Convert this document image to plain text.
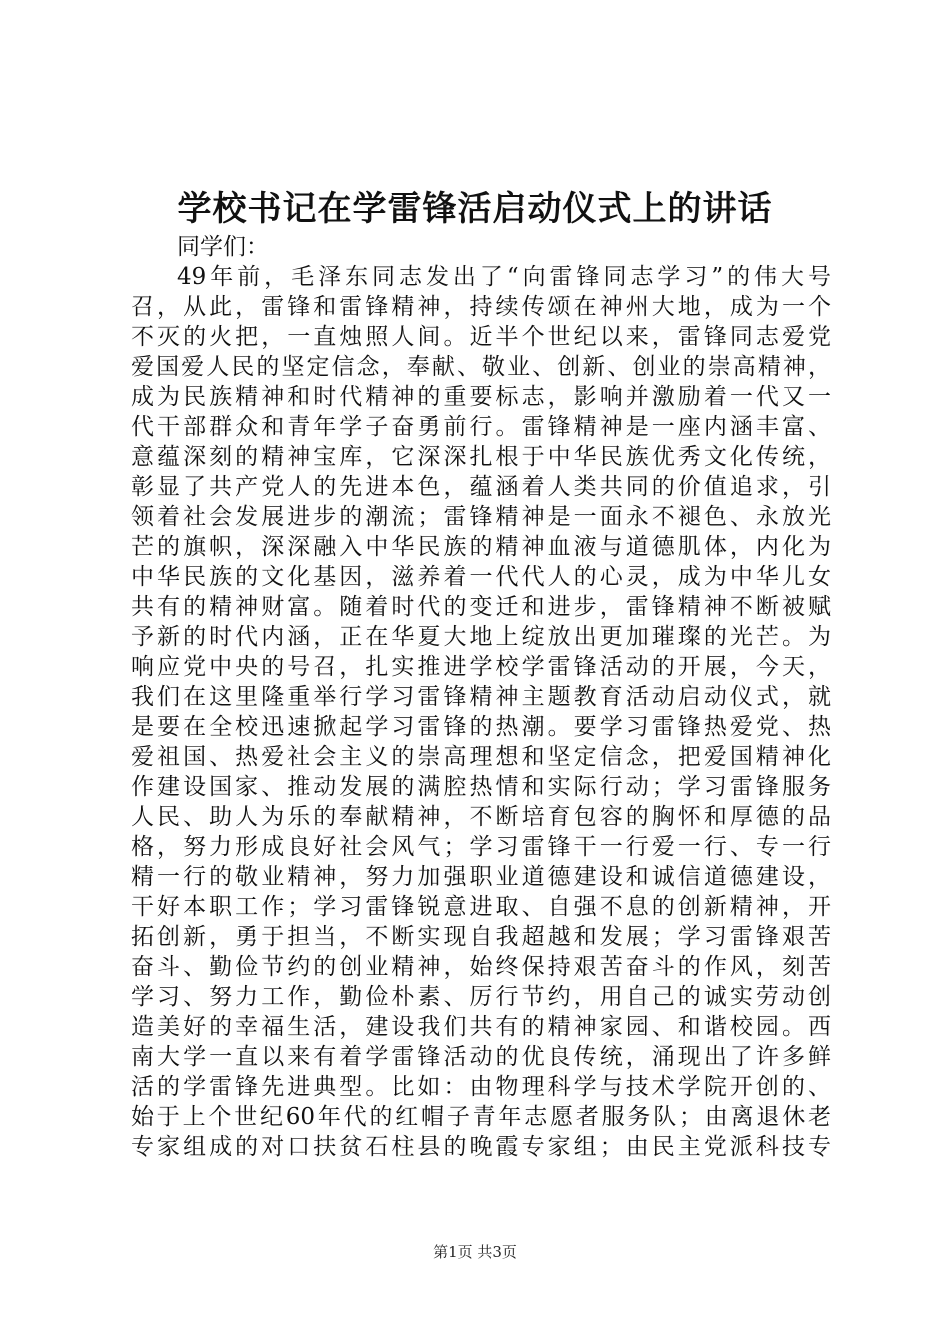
学校书记在学雷锋活启动仪式上的讲话

同学们：

49年前，毛泽东同志发出了“向雷锋同志学习”的伟大号

召，从此，雷锋和雷锋精神，持续传颂在神州大地，成为一个

不灭的火把，一直烛照人间。近半个世纪以来，雷锋同志爱党

爱国爱人民的坚定信念，奉献、敬业、创新、创业的崇高精神，

成为民族精神和时代精神的重要标志，影响并激励着一代又一

代干部群众和青年学子奋勇前行。雷锋精神是一座内涵丰富、

意蕴深刻的精神宝库，它深深扎根于中华民族优秀文化传统，

彰显了共产党人的先进本色，蕴涵着人类共同的价值追求，引

领着社会发展进步的潮流；雷锋精神是一面永不褪色、永放光

芒的旗帜，深深融入中华民族的精神血液与道德肌体，内化为

中华民族的文化基因，滋养着一代代人的心灵，成为中华儿女

共有的精神财富。随着时代的变迁和进步，雷锋精神不断被赋

予新的时代内涵，正在华夏大地上绽放出更加璀璨的光芒。为

响应党中央的号召，扎实推进学校学雷锋活动的开展，今天，

我们在这里隆重举行学习雷锋精神主题教育活动启动仪式，就

是要在全校迅速掀起学习雷锋的热潮。要学习雷锋热爱党、热

爱祖国、热爱社会主义的崇高理想和坚定信念，把爱国精神化

作建设国家、推动发展的满腔热情和实际行动；学习雷锋服务

人民、助人为乐的奉献精神，不断培育包容的胸怀和厚德的品

格，努力形成良好社会风气；学习雷锋干一行爱一行、专一行

精一行的敬业精神，努力加强职业道德建设和诚信道德建设，

干好本职工作；学习雷锋锐意进取、自强不息的创新精神，开

拓创新，勇于担当，不断实现自我超越和发展；学习雷锋艰苦

奋斗、勤俭节约的创业精神，始终保持艰苦奋斗的作风，刻苦

学习、努力工作，勤俭朴素、厉行节约，用自己的诚实劳动创

造美好的幸福生活，建设我们共有的精神家园、和谐校园。西

南大学一直以来有着学雷锋活动的优良传统，涌现出了许多鲜

活的学雷锋先进典型。比如：由物理科学与技术学院开创的、

始于上个世纪60年代的红帽子青年志愿者服务队；由离退休老

专家组成的对口扶贫石柱县的晚霞专家组；由民主党派科技专

第1页 共3页
